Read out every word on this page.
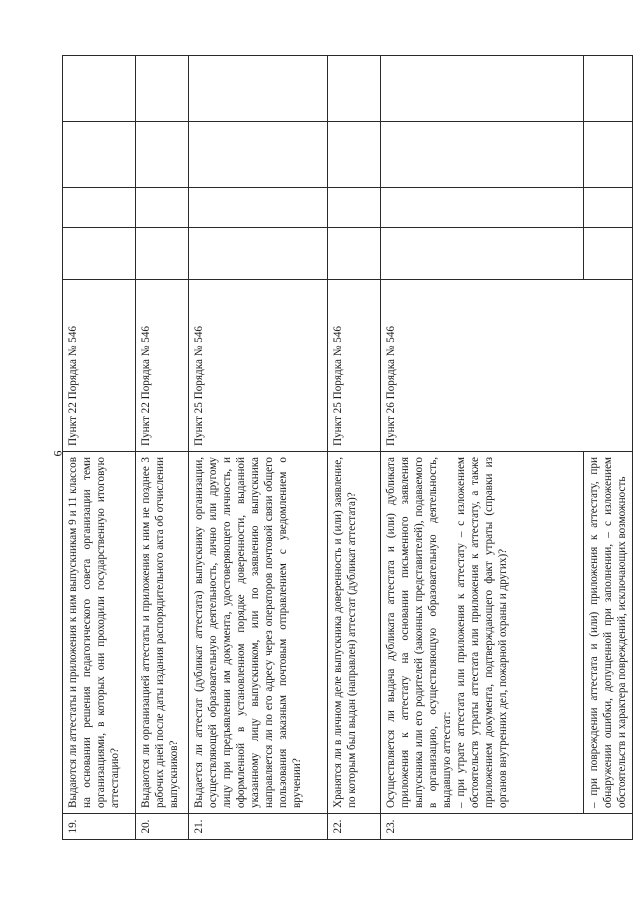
6
19.	Выдаются ли аттестаты и приложения к ним выпускникам 9 и 11 классов на основании решения педагогического совета организации теми организациями, в которых они проходили государственную итоговую аттестацию?	Пункт 22 Порядка № 546				
20.	Выдаются ли организацией аттестаты и приложения к ним не позднее 3 рабочих дней после даты издания распорядительного акта об отчислении выпускников?	Пункт 22 Порядка № 546				
21.	Выдается ли аттестат (дубликат аттестата) выпускнику организации, осуществляющей образовательную деятельность, лично или другому лицу при предъявлении им документа, удостоверяющего личность, и оформленной в установленном порядке доверенности, выданной указанному лицу выпускником, или по заявлению выпускника направляется ли по его адресу через операторов почтовой связи общего пользования заказным почтовым отправлением с уведомлением о вручении?	Пункт 25 Порядка № 546				
22.	Хранятся ли в личном деле выпускника доверенность и (или) заявление, по которым был выдан (направлен) аттестат (дубликат аттестата)?	Пункт 25 Порядка № 546				
23.	Осуществляется ли выдача дубликата аттестата и (или) дубликата приложения к аттестату на основании письменного заявления выпускника или его родителей (законных представителей), подаваемого в организацию, осуществляющую образовательную деятельность, выдавшую аттестат: – при утрате аттестата или приложения к аттестату – с изложением обстоятельств утраты аттестата или приложения к аттестату, а также приложением документа, подтверждающего факт утраты (справки из органов внутренних дел, пожарной охраны и других)?	Пункт 26 Порядка № 546				

	– при повреждении аттестата и (или) приложения к аттестату, при обнаружении ошибки, допущенной при заполнении, – с изложением обстоятельств и характера повреждений, исключающих возможность					
